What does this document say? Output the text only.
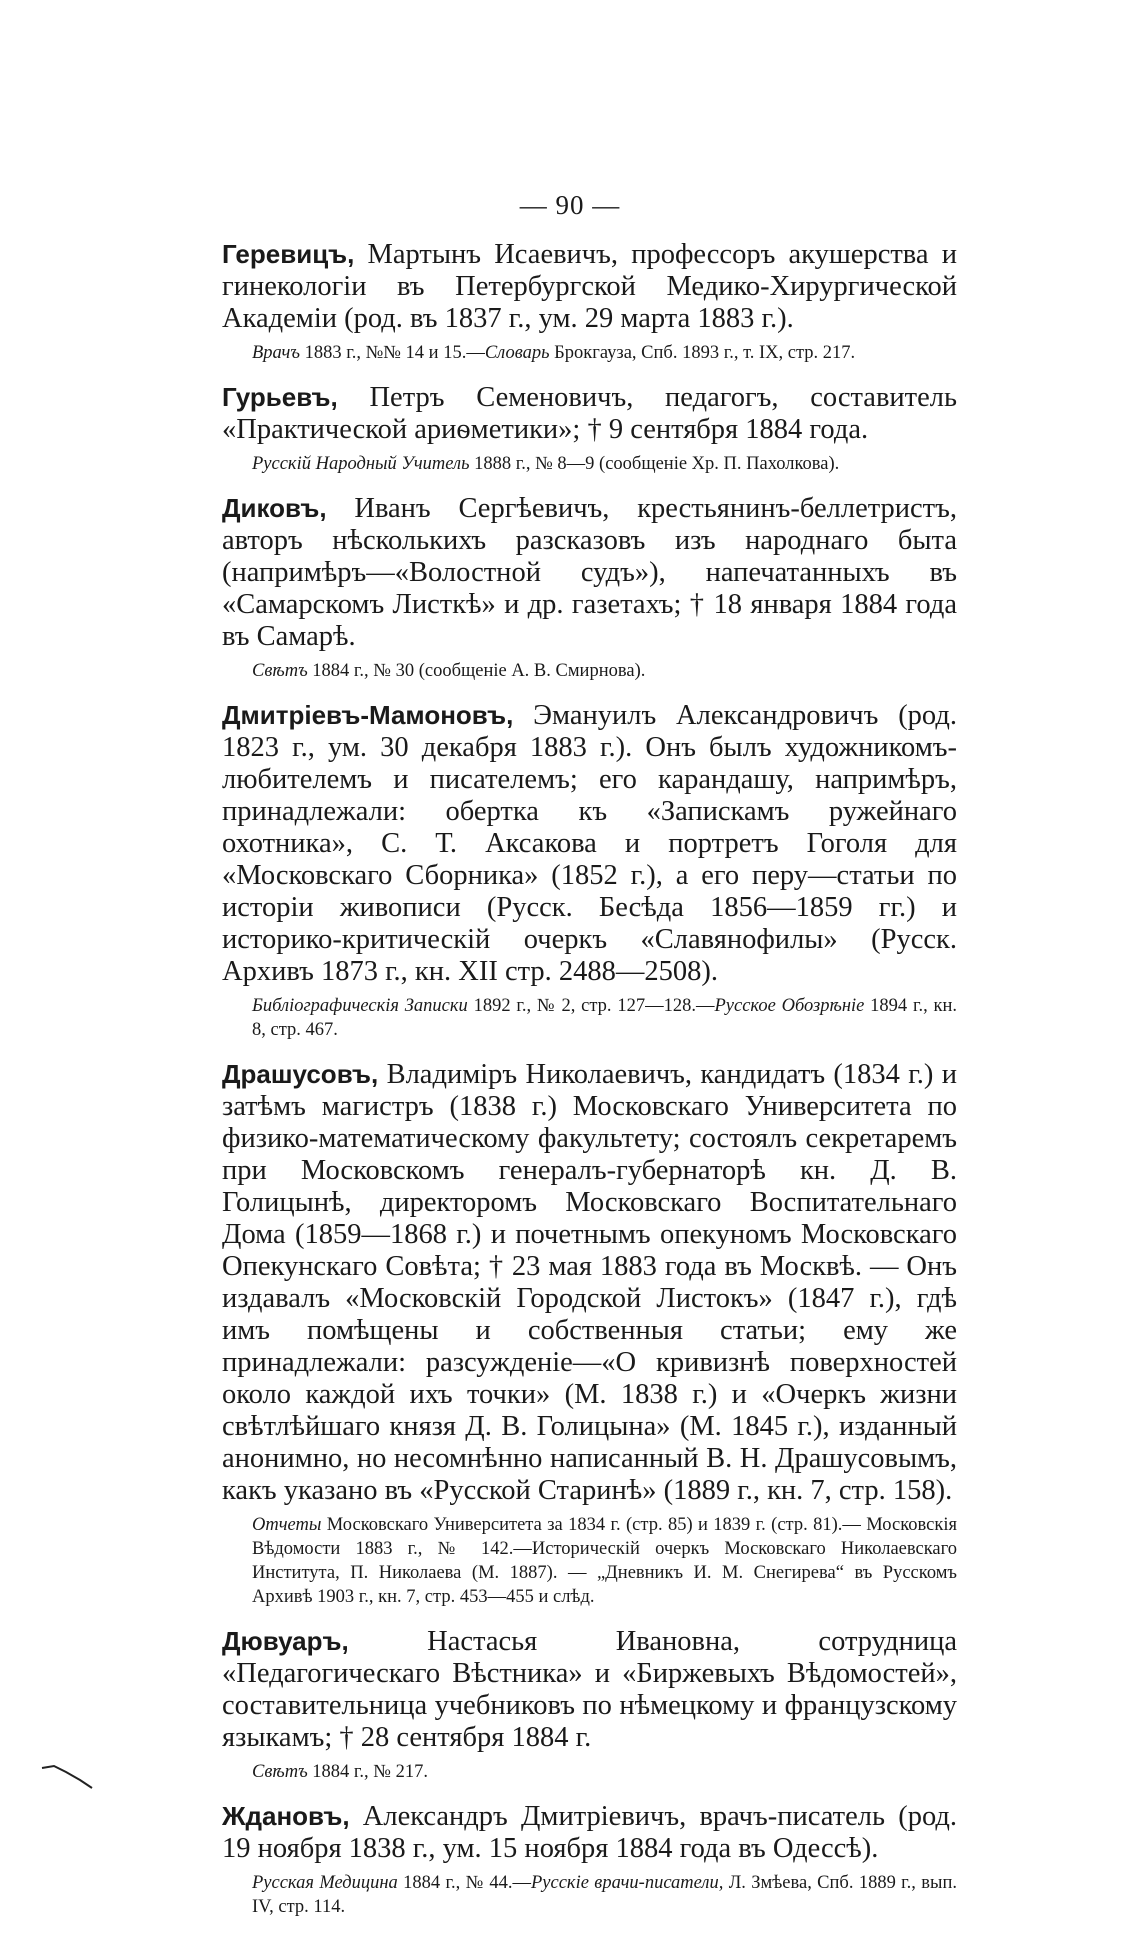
— 90 —

Геревицъ, Мартынъ Исаевичъ, профессоръ акушерства и гинекологіи въ Петербургской Медико-Хирургической Академіи (род. въ 1837 г., ум. 29 марта 1883 г.).

Врачъ 1883 г., №№ 14 и 15.—Словарь Брокгауза, Спб. 1893 г., т. IX, стр. 217.

Гурьевъ, Петръ Семеновичъ, педагогъ, составитель «Практической ариѳметики»; † 9 сентября 1884 года.

Русскій Народный Учитель 1888 г., № 8—9 (сообщеніе Хр. П. Пахолкова).

Диковъ, Иванъ Сергѣевичъ, крестьянинъ-беллетристъ, авторъ нѣсколькихъ разсказовъ изъ народнаго быта (напримѣръ—«Волостной судъ»), напечатанныхъ въ «Самарскомъ Листкѣ» и др. газетахъ; † 18 января 1884 года въ Самарѣ.

Свѣтъ 1884 г., № 30 (сообщеніе А. В. Смирнова).

Дмитріевъ-Мамоновъ, Эмануилъ Александровичъ (род. 1823 г., ум. 30 декабря 1883 г.). Онъ былъ художникомъ-любителемъ и писателемъ; его карандашу, напримѣръ, принадлежали: обертка къ «Запискамъ ружейнаго охотника», С. Т. Аксакова и портретъ Гоголя для «Московскаго Сборника» (1852 г.), а его перу—статьи по исторіи живописи (Русск. Бесѣда 1856—1859 гг.) и историко-критическій очеркъ «Славянофилы» (Русск. Архивъ 1873 г., кн. XII стр. 2488—2508).

Библіографическія Записки 1892 г., № 2, стр. 127—128.—Русское Обозрѣніе 1894 г., кн. 8, стр. 467.

Драшусовъ, Владиміръ Николаевичъ, кандидатъ (1834 г.) и затѣмъ магистръ (1838 г.) Московскаго Университета по физико-математическому факультету; состоялъ секретаремъ при Московскомъ генералъ-губернаторѣ кн. Д. В. Голицынѣ, директоромъ Московскаго Воспитательнаго Дома (1859—1868 г.) и почетнымъ опекуномъ Московскаго Опекунскаго Совѣта; † 23 мая 1883 года въ Москвѣ. — Онъ издавалъ «Московскій Городской Листокъ» (1847 г.), гдѣ имъ помѣщены и собственныя статьи; ему же принадлежали: разсужденіе—«О кривизнѣ поверхностей около каждой ихъ точки» (М. 1838 г.) и «Очеркъ жизни свѣтлѣйшаго князя Д. В. Голицына» (М. 1845 г.), изданный анонимно, но несомнѣнно написанный В. Н. Драшусовымъ, какъ указано въ «Русской Старинѣ» (1889 г., кн. 7, стр. 158).

Отчеты Московскаго Университета за 1834 г. (стр. 85) и 1839 г. (стр. 81).— Московскія Вѣдомости 1883 г., № 142.—Историческій очеркъ Московскаго Николаевскаго Института, П. Николаева (М. 1887). — „Дневникъ И. М. Снегирева“ въ Русскомъ Архивѣ 1903 г., кн. 7, стр. 453—455 и слѣд.

Дювуаръ, Настасья Ивановна, сотрудница «Педагогическаго Вѣстника» и «Биржевыхъ Вѣдомостей», составительница учебниковъ по нѣмецкому и французскому языкамъ; † 28 сентября 1884 г.

Свѣтъ 1884 г., № 217.

Ждановъ, Александръ Дмитріевичъ, врачъ-писатель (род. 19 ноября 1838 г., ум. 15 ноября 1884 года въ Одессѣ).

Русская Медицина 1884 г., № 44.—Русскіе врачи-писатели, Л. Змѣева, Спб. 1889 г., вып. IV, стр. 114.
